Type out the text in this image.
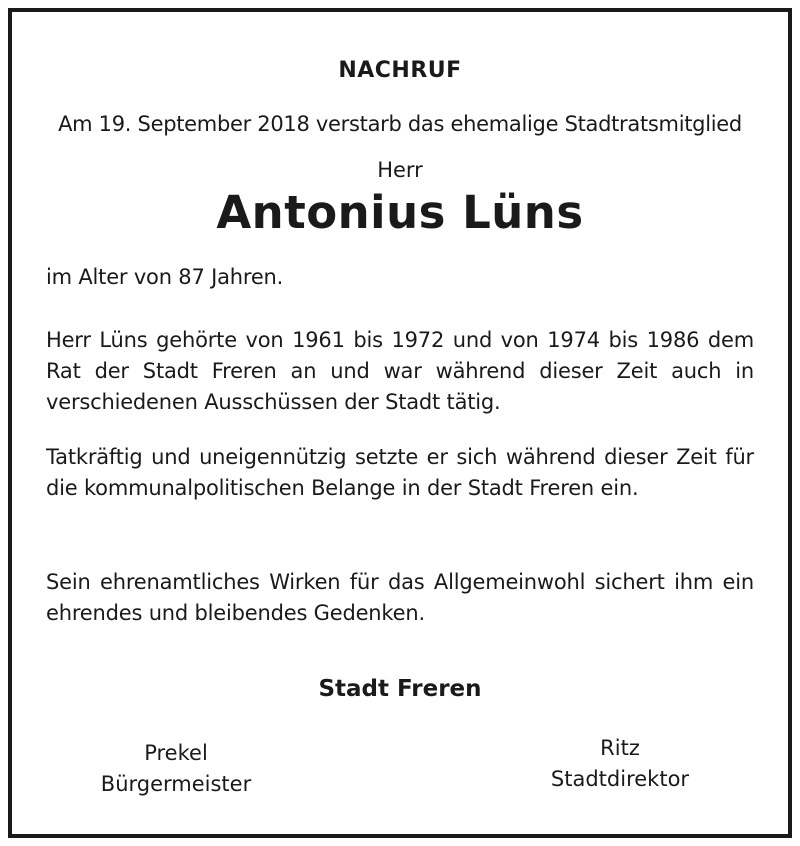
NACHRUF
Am 19. September 2018 verstarb das ehemalige Stadtratsmitglied
Herr
Antonius Lüns
im Alter von 87 Jahren.
Herr Lüns gehörte von 1961 bis 1972 und von 1974 bis 1986 dem Rat der Stadt Freren an und war während dieser Zeit auch in verschiedenen Ausschüssen der Stadt tätig.
Tatkräftig und uneigennützig setzte er sich während dieser Zeit für die kommunalpolitischen Belange in der Stadt Freren ein.
Sein ehrenamtliches Wirken für das Allgemeinwohl sichert ihm ein ehrendes und bleibendes Gedenken.
Stadt Freren
Prekel
Bürgermeister
Ritz
Stadtdirektor
